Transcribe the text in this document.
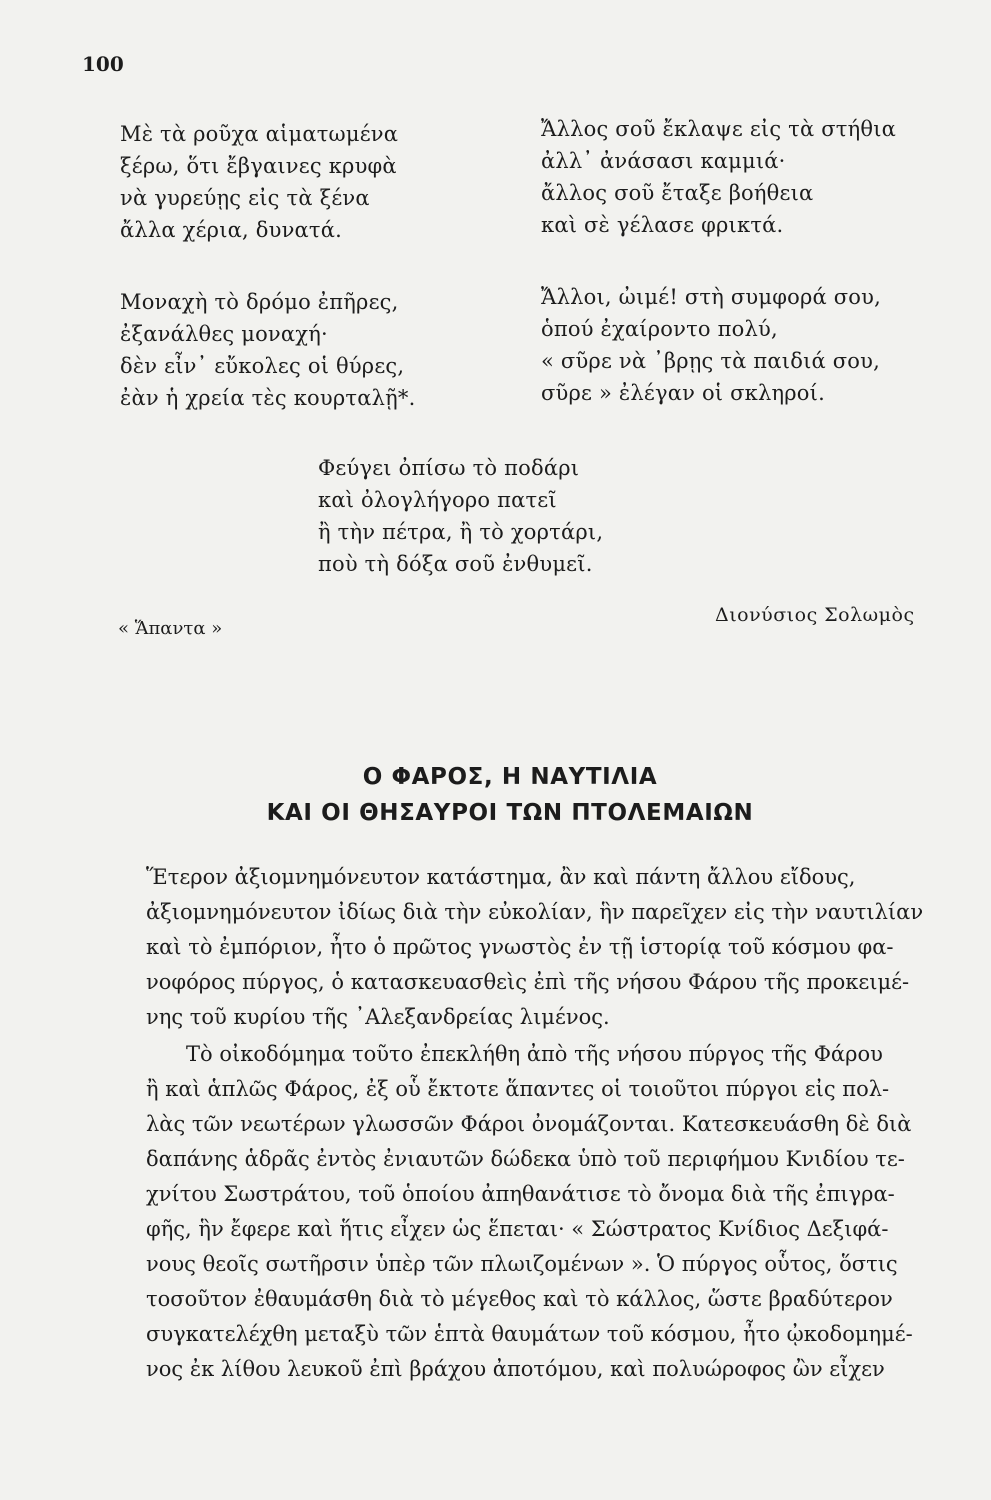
100
Μὲ τὰ ροῦχα αἱματωμένα
ξέρω, ὅτι ἔβγαινες κρυφὰ
νὰ γυρεύῃς εἰς τὰ ξένα
ἄλλα χέρια, δυνατά.
Ἄλλος σοῦ ἔκλαψε εἰς τὰ στήθια
ἀλλ᾽ ἀνάσασι καμμιά·
ἄλλος σοῦ ἔταξε βοήθεια
καὶ σὲ γέλασε φρικτά.
Μοναχὴ τὸ δρόμο ἐπῆρες,
ἐξανάλθες μοναχή·
δὲν εἶν᾽ εὔκολες οἱ θύρες,
ἐὰν ἡ χρεία τὲς κουρταλῇ*.
Ἄλλοι, ὠιμέ! στὴ συμφορά σου,
ὁπού ἐχαίροντο πολύ,
« σῦρε νὰ ᾽βρῃς τὰ παιδιά σου,
σῦρε » ἐλέγαν οἱ σκληροί.
Φεύγει ὀπίσω τὸ ποδάρι
καὶ ὀλογλήγορο πατεῖ
ἢ τὴν πέτρα, ἢ τὸ χορτάρι,
ποὺ τὴ δόξα σοῦ ἐνθυμεῖ.
« Ἅπαντα »
Διονύσιος Σολωμὸς
Ο ΦΑΡΟΣ, Η ΝΑΥΤΙΛΙΑ
ΚΑΙ ΟΙ ΘΗΣΑΥΡΟΙ ΤΩΝ ΠΤΟΛΕΜΑΙΩΝ

Ἕτερον ἀξιομνημόνευτον κατάστημα, ἂν καὶ πάντη ἄλλου εἴδους,
ἀξιομνημόνευτον ἰδίως διὰ τὴν εὐκολίαν, ἣν παρεῖχεν εἰς τὴν ναυτιλίαν
καὶ τὸ ἐμπόριον, ἦτο ὁ πρῶτος γνωστὸς ἐν τῇ ἱστορίᾳ τοῦ κόσμου φα-
νοφόρος πύργος, ὁ κατασκευασθεὶς ἐπὶ τῆς νήσου Φάρου τῆς προκειμέ-
νης τοῦ κυρίου τῆς ᾽Αλεξανδρείας λιμένος.

Τὸ οἰκοδόμημα τοῦτο ἐπεκλήθη ἀπὸ τῆς νήσου πύργος τῆς Φάρου
ἢ καὶ ἁπλῶς Φάρος, ἐξ οὗ ἔκτοτε ἅπαντες οἱ τοιοῦτοι πύργοι εἰς πολ-
λὰς τῶν νεωτέρων γλωσσῶν Φάροι ὀνομάζονται. Κατεσκευάσθη δὲ διὰ
δαπάνης ἁδρᾶς ἐντὸς ἐνιαυτῶν δώδεκα ὑπὸ τοῦ περιφήμου Κνιδίου τε-
χνίτου Σωστράτου, τοῦ ὁποίου ἀπηθανάτισε τὸ ὄνομα διὰ τῆς ἐπιγρα-
φῆς, ἣν ἔφερε καὶ ἥτις εἶχεν ὡς ἕπεται· « Σώστρατος Κνίδιος Δεξιφά-
νους θεοῖς σωτῆρσιν ὑπὲρ τῶν πλωιζομένων ». Ὁ πύργος οὗτος, ὅστις
τοσοῦτον ἐθαυμάσθη διὰ τὸ μέγεθος καὶ τὸ κάλλος, ὥστε βραδύτερον
συγκατελέχθη μεταξὺ τῶν ἑπτὰ θαυμάτων τοῦ κόσμου, ἦτο ᾠκοδομημέ-
νος ἐκ λίθου λευκοῦ ἐπὶ βράχου ἀποτόμου, καὶ πολυώροφος ὢν εἶχεν
